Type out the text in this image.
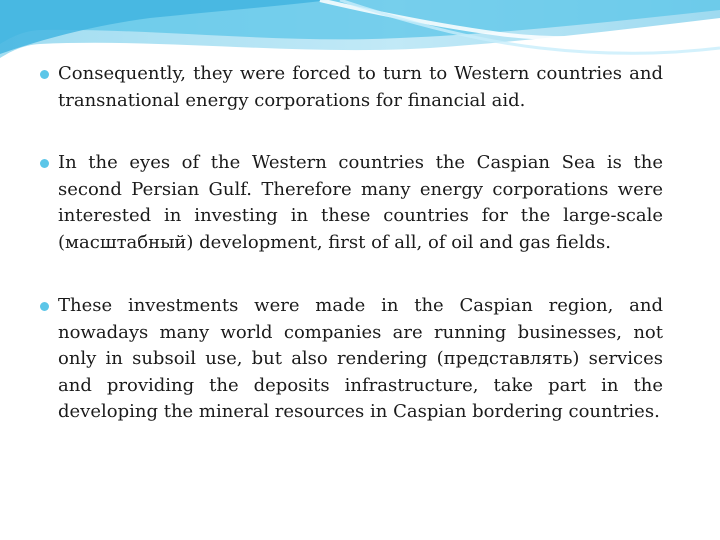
Consequently, they were forced to turn to Western countries and transnational energy corporations for financial aid.
In the eyes of the Western countries the Caspian Sea is the second Persian Gulf. Therefore many energy corporations were interested in investing in these countries for the large-scale (масштабный) development, first of all, of oil and gas fields.
These investments were made in the Caspian region, and nowadays many world companies are running businesses, not only in subsoil use, but also rendering (представлять) services and providing the deposits infrastructure, take part in the developing the mineral resources in Caspian bordering countries.
